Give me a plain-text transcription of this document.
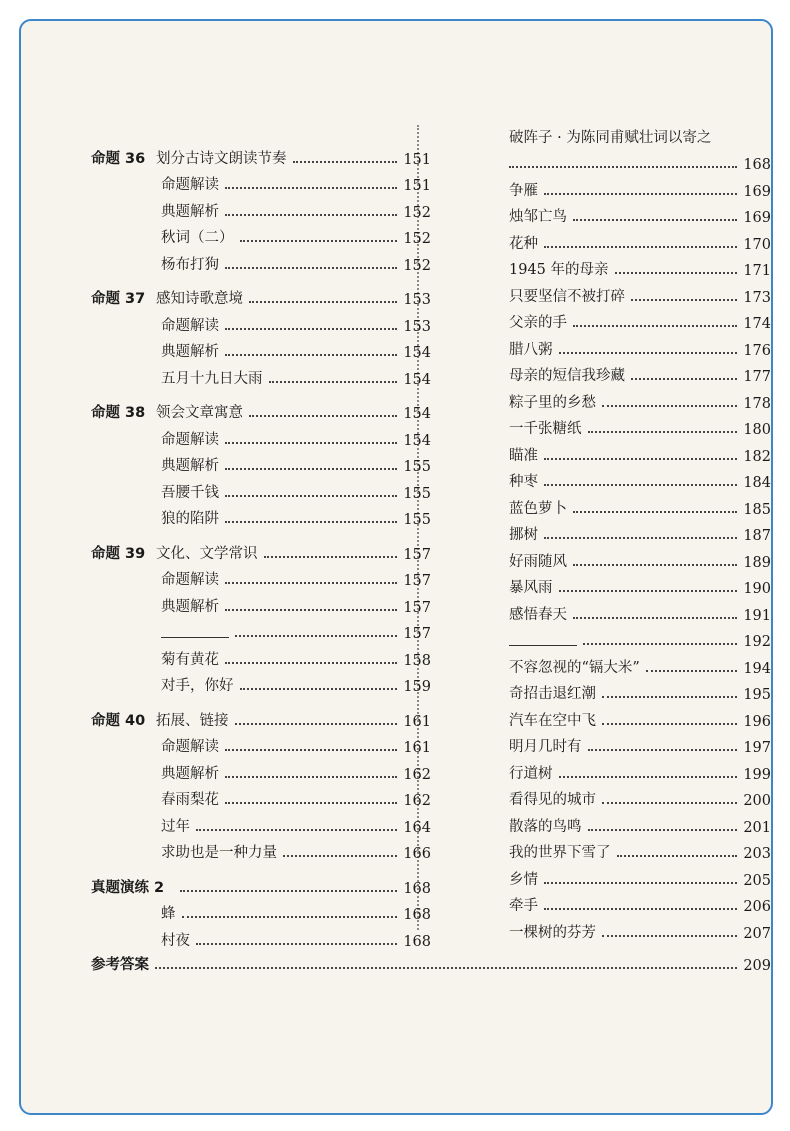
命题 36 划分古诗文朗读节奏	151
命题解读	151
典题解析	152
秋词（二）	152
杨布打狗	152
命题 37 感知诗歌意境	153
命题解读	153
典题解析	154
五月十九日大雨	154
命题 38 领会文章寓意	154
命题解读	154
典题解析	155
吾腰千钱	155
狼的陷阱	155
命题 39 文化、文学常识	157
命题解读	157
典题解析	157
157
菊有黄花	158
对手，你好	159
命题 40 拓展、链接	161
命题解读	161
典题解析	162
春雨梨花	162
过年	164
求助也是一种力量	166
真题演练 2	168
蜂	168
村夜	168
破阵子 · 为陈同甫赋壮词以寄之
168
争雁	169
烛邹亡鸟	169
花种	170
1945 年的母亲	171
只要坚信不被打碎	173
父亲的手	174
腊八粥	176
母亲的短信我珍藏	177
粽子里的乡愁	178
一千张糖纸	180
瞄准	182
种枣	184
蓝色萝卜	185
挪树	187
好雨随风	189
暴风雨	190
感悟春天	191
192
不容忽视的“镉大米”	194
奇招击退红潮	195
汽车在空中飞	196
明月几时有	197
行道树	199
看得见的城市	200
散落的鸟鸣	201
我的世界下雪了	203
乡情	205
牵手	206
一棵树的芬芳	207
参考答案	209
